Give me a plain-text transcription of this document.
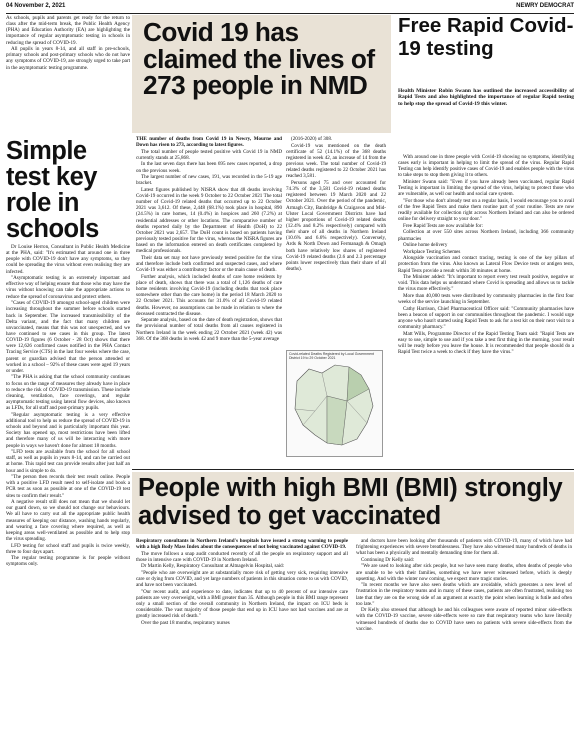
04 November 2, 2021	NEWRY DEMOCRAT

As schools, pupils and parents get ready for the return to class after the mid-term break, the Public Health Agency (PHA) and Education Authority (EA) are highlighting the importance of regular asymptomatic testing in schools in reducing the spread of COVID-19.

All pupils in years 8-14, and all staff in pre-schools, primary schools and post-primary schools who do not have any symptoms of COVID-19, are strongly urged to take part in the asymptomatic testing programme.

Simple test key role in schools

Dr Louise Herron, Consultant in Public Health Medicine at the PHA, said: "It's estimated that around one in three people with COVID-19 don't have any symptoms, so they could be spreading the virus without even realising they are infected.

"Asymptomatic testing is an extremely important and effective way of helping ensure that those who may have the virus without knowing can take the appropriate actions to reduce the spread of coronavirus and protect others.

"Cases of COVID-19 amongst school-aged children were increasing throughout the summer before schools started back in September. The increased transmissibility of the Delta variant, and the fact that many children are unvaccinated, means that this was not unexpected, and we have continued to see cases in this group. The latest COVID-19 figures (6 October - 28 Oct) shows that there were 12,626 confirmed cases notified in the PHA Contact Tracing Service (CTS) in the last four weeks where the case, parent or guardian advised that the person attended or worked in a school – 92% of these cases were aged 19 years or under.

"The PHA is asking that the school community continues to focus on the range of measures they already have in place to reduce the risk of COVID-19 transmission. These include cleaning, ventilation, face coverings, and regular asymptomatic testing using lateral flow devices, also known as LFDs, for all staff and post-primary pupils.

"Regular asymptomatic testing is a very effective additional tool to help us reduce the spread of COVID-19 in schools and beyond and is particularly important this year. Society has opened up, most restrictions have been lifted and therefore many of us will be interacting with more people in ways we haven't done for almost 18 months.

"LFD tests are available from the school for all school staff, as well as pupils in years 8-14, and can be carried out at home. This rapid test can provide results after just half an hour and is simple to do.

"The person then records their test result online. People with a positive LFD result need to self-isolate and book a PCR test as soon as possible at one of the COVID-19 test sites to confirm their result."

A negative result still does not mean that we should let our guard down, so we should not change our behaviours. We all have to carry out all the appropriate public health measures of keeping our distance, washing hands regularly, and wearing a face covering where required, as well as keeping areas well-ventilated as possible and to help stop the virus spreading.

LFD testing for school staff and pupils is twice weekly, three to four days apart.

The regular testing programme is for people without symptoms only.

Covid 19 has claimed the lives of 273 people in NMD

THE number of deaths from Covid 19 in Newry, Mourne and Down has risen to 273, according to latest figures.

The total number of people tested positive with Covid 19 in NMD currently stands at 25,868.

In the last seven days there has been 695 new cases reported, a drop on the previous week.

The largest number of new cases, 191, was recorded in the 5-19 age bracket.

Latest figures published by NISRA show that 48 deaths involving Covid-19 occurred in the week 9 October to 22 October 2021 The total number of Covid-19 related deaths that occurred up to 22 October 2021 was 3,612. Of these, 2,448 (68.1%) took place in hospital, 890 (24.5%) in care homes, 14 (0.4%) in hospices and 260 (7.2%) at residential addresses or other locations. The comparative number of deaths reported daily by the Department of Health (DoH) to 22 October 2021 was 2,657. The DoH count is based on patients having previously tested positive for the virus, whereas the NISRA figures are based on the information entered on death certificates completed by medical professionals.

Their data set may not have previously tested positive for the virus and therefore include both confirmed and suspected cases, and where Covid-19 was either a contributory factor or the main cause of death.

Further analysis, which included deaths of care home residents by place of death, shows that there was a total of 1,126 deaths of care home residents involving Covid-19 (including deaths that took place somewhere other than the care home) in the period 18 March 2020 to 22 October 2021. This accounts for 31.0% of all Covid-19 related deaths. However, no assumptions can be made in relation to where the deceased contracted the disease.

Separate analysis, based on the date of death registration, shows that the provisional number of total deaths from all causes registered in Northern Ireland in the week ending 22 October 2021 (week 42) was 368. Of the 368 deaths in week 42 and 9 more than the 5-year average

(2016-2020) of 308.

Covid-19 was mentioned on the death certificate of 52 (14.1%) of the 368 deaths registered in week 42, an increase of 14 from the previous week. The total number of Covid-19 related deaths registered to 22 October 2021 has reached 3,581.

Persons aged 75 and over accounted for 74.3% of the 3,581 Covid-19 related deaths registered between 19 March 2020 and 22 October 2021. Over the period of the pandemic, Armagh City, Banbridge & Craigavon and Mid-Ulster Local Government Districts have had higher proportions of Covid-19 related deaths (12.4% and 8.2% respectively) compared with their share of all deaths in Northern Ireland (10.6% and 6.6% respectively). Conversely, Ards & North Down and Fermanagh & Omagh both have relatively low shares of registered Covid-19 related deaths (2.6 and 2.3 percentage points lower respectively than their share of all deaths).

Covid-related Deaths Registered by Local Government District 19 to 29 October 2021
Free Rapid Covid-19 testing

Health Minister Robin Swann has outlined the increased accessibility of Rapid Tests and also highlighted the importance of regular Rapid testing to help stop the spread of Covid-19 this winter.

With around one in three people with Covid-19 showing no symptoms, identifying cases early is important in helping to limit the spread of the virus. Regular Rapid Testing can help identify positive cases of Covid-19 and enables people with the virus to take steps to stop them giving it to others.

Minister Swann said: "Even if you have already been vaccinated, regular Rapid Testing is important in limiting the spread of the virus, helping to protect those who are vulnerable, as well our health and social care system.

"For those who don't already test on a regular basis, I would encourage you to avail of the free Rapid Tests and make them routine part of your routine. Tests are now readily available for collection right across Northern Ireland and can also be ordered online for delivery straight to your door."

Free Rapid Tests are now available for:

Collection at over 550 sites across Northern Ireland, including 366 community pharmacies

Online home delivery

Workplace Testing Schemes

Alongside vaccination and contact tracing, testing is one of the key pillars of protection from the virus. Also known as Lateral Flow Device tests or antigen tests, Rapid Tests provide a result within 30 minutes at home.

The Minister added: "It's important to report every test result positive, negative or void. This data helps us understand where Covid is spreading and allows us to tackle the virus more effectively."

More than 40,000 tests were distributed by community pharmacies in the first four weeks of the service launching in September.

Cathy Harrison, Chief Pharmaceutical Officer said: "Community pharmacies have been a beacon of support in our communities throughout the pandemic. I would urge anyone who hasn't started using Rapid Tests to ask for a test kit on their next visit to a community pharmacy."

Matt Wills, Programme Director of the Rapid Testing Team said: "Rapid Tests are easy to use, simple to use and if you take a test first thing in the morning, your result will be ready before you leave the house. It is recommended that people should do a Rapid Test twice a week to check if they have the virus."

People with high BMI (BMI) strongly advised to get vaccinated

Respiratory consultants in Northern Ireland's hospitals have issued a strong warning to people with a high Body Mass Index about the consequences of not being vaccinated against COVID-19.

The move follows a snap audit conducted recently of all the people on respiratory support and all those in intensive care with COVID-19 in Northern Ireland.

Dr Martin Kelly, Respiratory Consultant at Altnagelvin Hospital, said:

"People who are overweight are at substantially more risk of getting very sick, requiring intensive care or dying from COVID, and yet large numbers of patients in this situation come to us with COVID, and have not been vaccinated.

"Our recent audit, and experience to date, indicates that up to 40 percent of our intensive care patients are very overweight, with a BMI greater than 35. Although people in this BMI range represent only a small section of the overall community in Northern Ireland, the impact on ICU beds is considerable. The vast majority of those people that end up in ICU have not had vaccines and are at greatly increased risk of death."

Over the past 18 months, respiratory nurses

and doctors have been looking after thousands of patients with COVID-19, many of which have had frightening experiences with severe breathlessness. They have also witnessed many hundreds of deaths in what has been a physically and mentally demanding time for them all.

Continuing Dr Kelly said:

"We are used to looking after sick people, but we have seen many deaths, often deaths of people who are unable to be with their families, something we have never witnessed before, which is deeply upsetting. And with the winter now coming, we expect more tragic stories.

"In recent months we have also seen deaths which are avoidable, which generates a new level of frustration in the respiratory teams and in many of these cases, patients are often frustrated, realising too late that they are on the wrong side of an argument at exactly the point when learning is futile and often too late."

Dr Kelly also stressed that although he and his colleagues were aware of reported minor side-effects with the COVID-19 vaccine, severe side-effects were so rare that respiratory teams who have literally witnessed hundreds of deaths due to COVID have seen no patients with severe side-effects from the vaccine.
